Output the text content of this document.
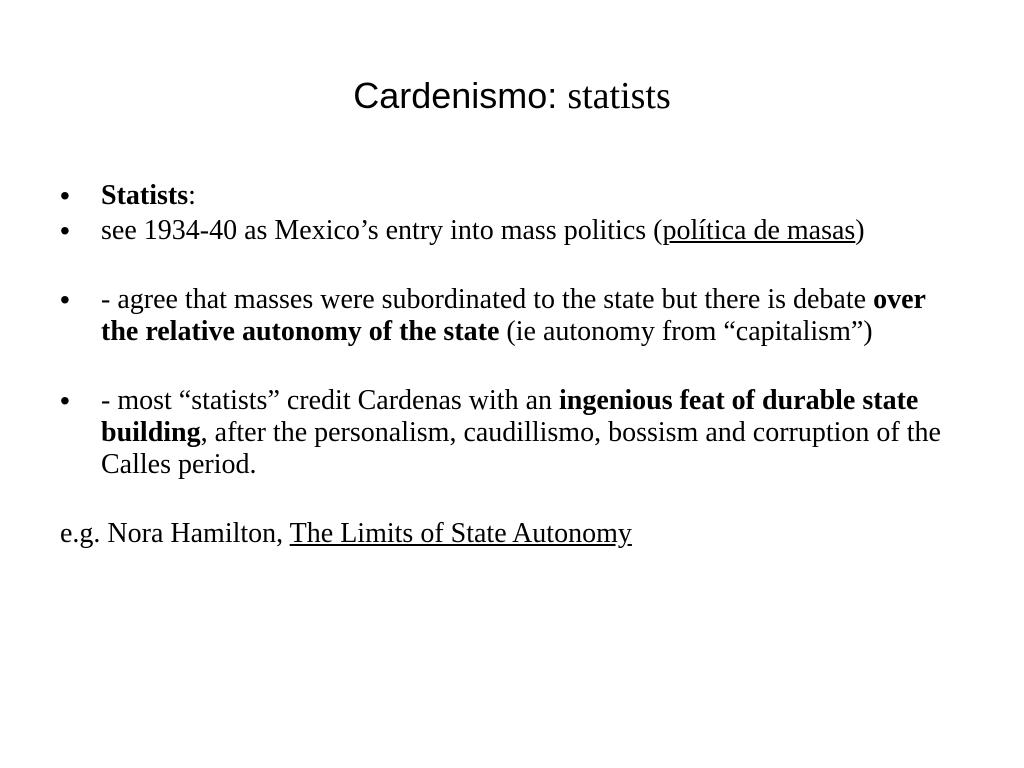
Cardenismo: statists
•	Statists:
•	see 1934-40 as Mexico’s entry into mass politics (política de masas)
•	- agree that masses were subordinated to the state but there is debate over the relative autonomy of the state (ie autonomy from “capitalism”)
•	- most “statists” credit Cardenas with an ingenious feat of durable state building, after the personalism, caudillismo, bossism and corruption of the Calles period.
e.g. Nora Hamilton, The Limits of State Autonomy
